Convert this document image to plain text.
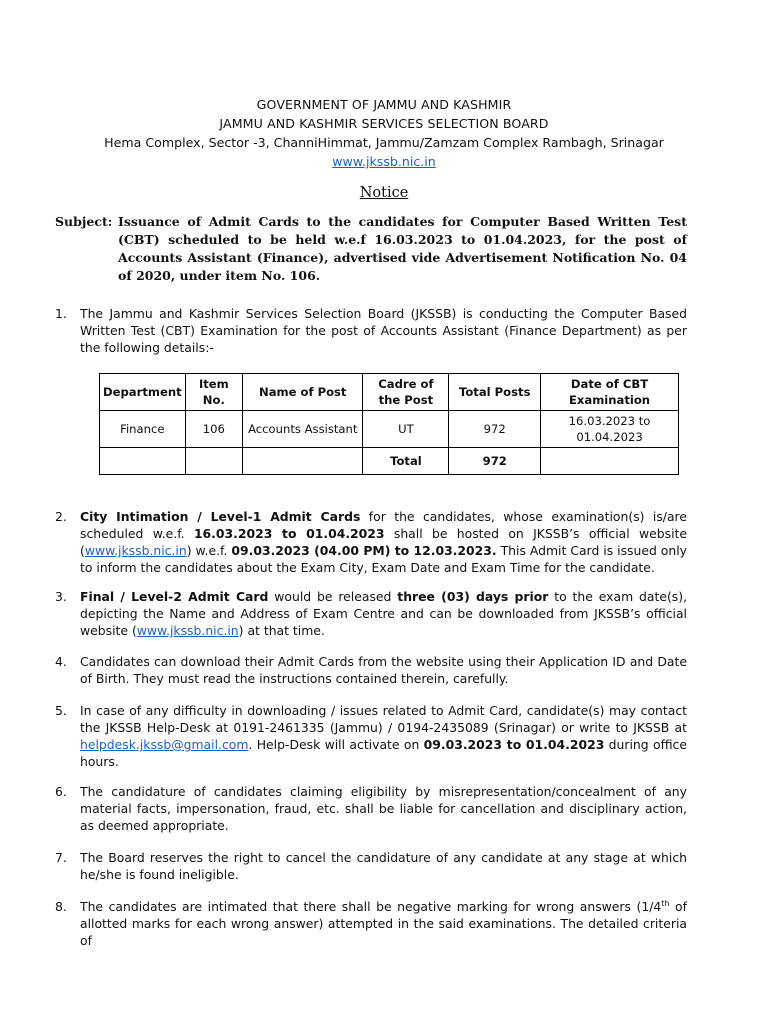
GOVERNMENT OF JAMMU AND KASHMIR
JAMMU AND KASHMIR SERVICES SELECTION BOARD
Hema Complex, Sector -3, ChanniHimmat, Jammu/Zamzam Complex Rambagh, Srinagar
www.jkssb.nic.in
Notice
Subject: Issuance of Admit Cards to the candidates for Computer Based Written Test (CBT) scheduled to be held w.e.f 16.03.2023 to 01.04.2023, for the post of Accounts Assistant (Finance), advertised vide Advertisement Notification No. 04 of 2020, under item No. 106.
1.	The Jammu and Kashmir Services Selection Board (JKSSB) is conducting the Computer Based Written Test (CBT) Examination for the post of Accounts Assistant (Finance Department) as per the following details:-
Department	Item No.	Name of Post	Cadre of the Post	Total Posts	Date of CBT Examination
Finance	106	Accounts Assistant	UT	972	16.03.2023 to 01.04.2023
			Total	972	
2.	City Intimation / Level-1 Admit Cards for the candidates, whose examination(s) is/are scheduled w.e.f. 16.03.2023 to 01.04.2023 shall be hosted on JKSSB’s official website (www.jkssb.nic.in) w.e.f. 09.03.2023 (04.00 PM) to 12.03.2023. This Admit Card is issued only to inform the candidates about the Exam City, Exam Date and Exam Time for the candidate.
3.	Final / Level-2 Admit Card would be released three (03) days prior to the exam date(s), depicting the Name and Address of Exam Centre and can be downloaded from JKSSB’s official website (www.jkssb.nic.in) at that time.
4.	Candidates can download their Admit Cards from the website using their Application ID and Date of Birth. They must read the instructions contained therein, carefully.
5.	In case of any difficulty in downloading / issues related to Admit Card, candidate(s) may contact the JKSSB Help-Desk at 0191-2461335 (Jammu) / 0194-2435089 (Srinagar) or write to JKSSB at helpdesk.jkssb@gmail.com. Help-Desk will activate on 09.03.2023 to 01.04.2023 during office hours.
6.	The candidature of candidates claiming eligibility by misrepresentation/concealment of any material facts, impersonation, fraud, etc. shall be liable for cancellation and disciplinary action, as deemed appropriate.
7.	The Board reserves the right to cancel the candidature of any candidate at any stage at which he/she is found ineligible.
8.	The candidates are intimated that there shall be negative marking for wrong answers (1/4th of allotted marks for each wrong answer) attempted in the said examinations. The detailed criteria of
